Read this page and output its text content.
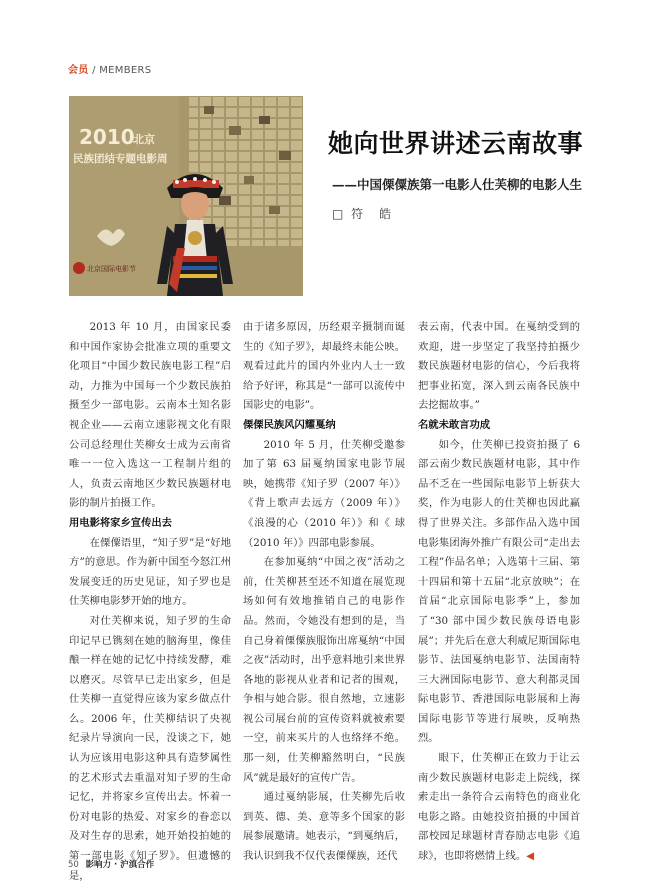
会员 / MEMBERS
2010
北京
民族团结专题电影周
北京国际电影节
她向世界讲述云南故事
——中国傈僳族第一电影人仕芙柳的电影人生
□ 符　皓

2013 年 10 月，由国家民委和中国作家协会批准立项的重要文化项目“中国少数民族电影工程”启动，力推为中国每一个少数民族拍摄至少一部电影。云南本土知名影视企业——云南立速影视文化有限公司总经理仕芙柳女士成为云南省唯一一位入选这一工程制片组的人，负责云南地区少数民族题材电影的制片拍摄工作。

用电影将家乡宣传出去

在傈僳语里，“知子罗”是“好地方”的意思。作为新中国至今怒江州发展变迁的历史见证，知子罗也是仕芙柳电影梦开始的地方。

对仕芙柳来说，知子罗的生命印记早已镌刻在她的脑海里，像佳酿一样在她的记忆中持续发酵，难以磨灭。尽管早已走出家乡，但是仕芙柳一直觉得应该为家乡做点什么。2006 年，仕芙柳结识了央视纪录片导演向一民，没谈之下，她认为应该用电影这种具有造梦属性的艺术形式去重温对知子罗的生命记忆，并将家乡宣传出去。怀着一份对电影的热爱、对家乡的眷恋以及对生存的思索，她开始投拍她的第一部电影《知子罗》。但遗憾的是，

由于诸多原因，历经艰辛摄制而诞生的《知子罗》，却最终未能公映。观看过此片的国内外业内人士一致给予好评，称其是“一部可以流传中国影史的电影”。

傈傈民族风闪耀戛纳

2010 年 5 月，仕芙柳受邀参加了第 63 届戛纳国家电影节展映，她携带《知子罗（2007 年）》《背上歌声去远方（2009 年）》《浪漫的心（2010 年）》和《 球（2010 年）》四部电影参展。

在参加戛纳“中国之夜”活动之前，仕芙柳甚至还不知道在展览现场如何有效地推销自己的电影作品。然而，令她没有想到的是，当自己身着傈僳族服饰出席戛纳“中国之夜”活动时，出乎意料地引来世界各地的影视从业者和记者的围观，争相与她合影。很自然地，立速影视公司展台前的宣传资料就被索要一空，前来买片的人也络绎不绝。那一刻，仕芙柳豁然明白，“民族风”就是最好的宣传广告。

通过戛纳影展，仕芙柳先后收到英、德、美、意等多个国家的影展参展邀请。她表示，“到戛纳后，我认识到我不仅代表傈僳族，还代

表云南，代表中国。在戛纳受到的欢迎，进一步坚定了我坚持拍摄少数民族题材电影的信心，今后我将把事业拓宽，深入到云南各民族中去挖掘故事。”

名就未敢言功成

如今，仕芙柳已投资拍摄了 6 部云南少数民族题材电影，其中作品不乏在一些国际电影节上斩获大奖，作为电影人的仕芙柳也因此赢得了世界关注。多部作品入选中国电影集团海外推广有限公司“走出去工程”作品名单；入选第十三届、第十四届和第十五届“北京放映”；在首届“北京国际电影季”上，参加了“30 部中国少数民族母语电影展”；并先后在意大利威尼斯国际电影节、法国戛纳电影节、法国南特三大洲国际电影节、意大利都灵国际电影节、香港国际电影展和上海国际电影节等进行展映，反响热烈。

眼下，仕芙柳正在致力于让云南少数民族题材电影走上院线，探索走出一条符合云南特色的商业化电影之路。由她投资拍摄的中国首部校园足球题材青春励志电影《追球》，也即将燃情上线。◀

50 影响力 · 沪滇合作
